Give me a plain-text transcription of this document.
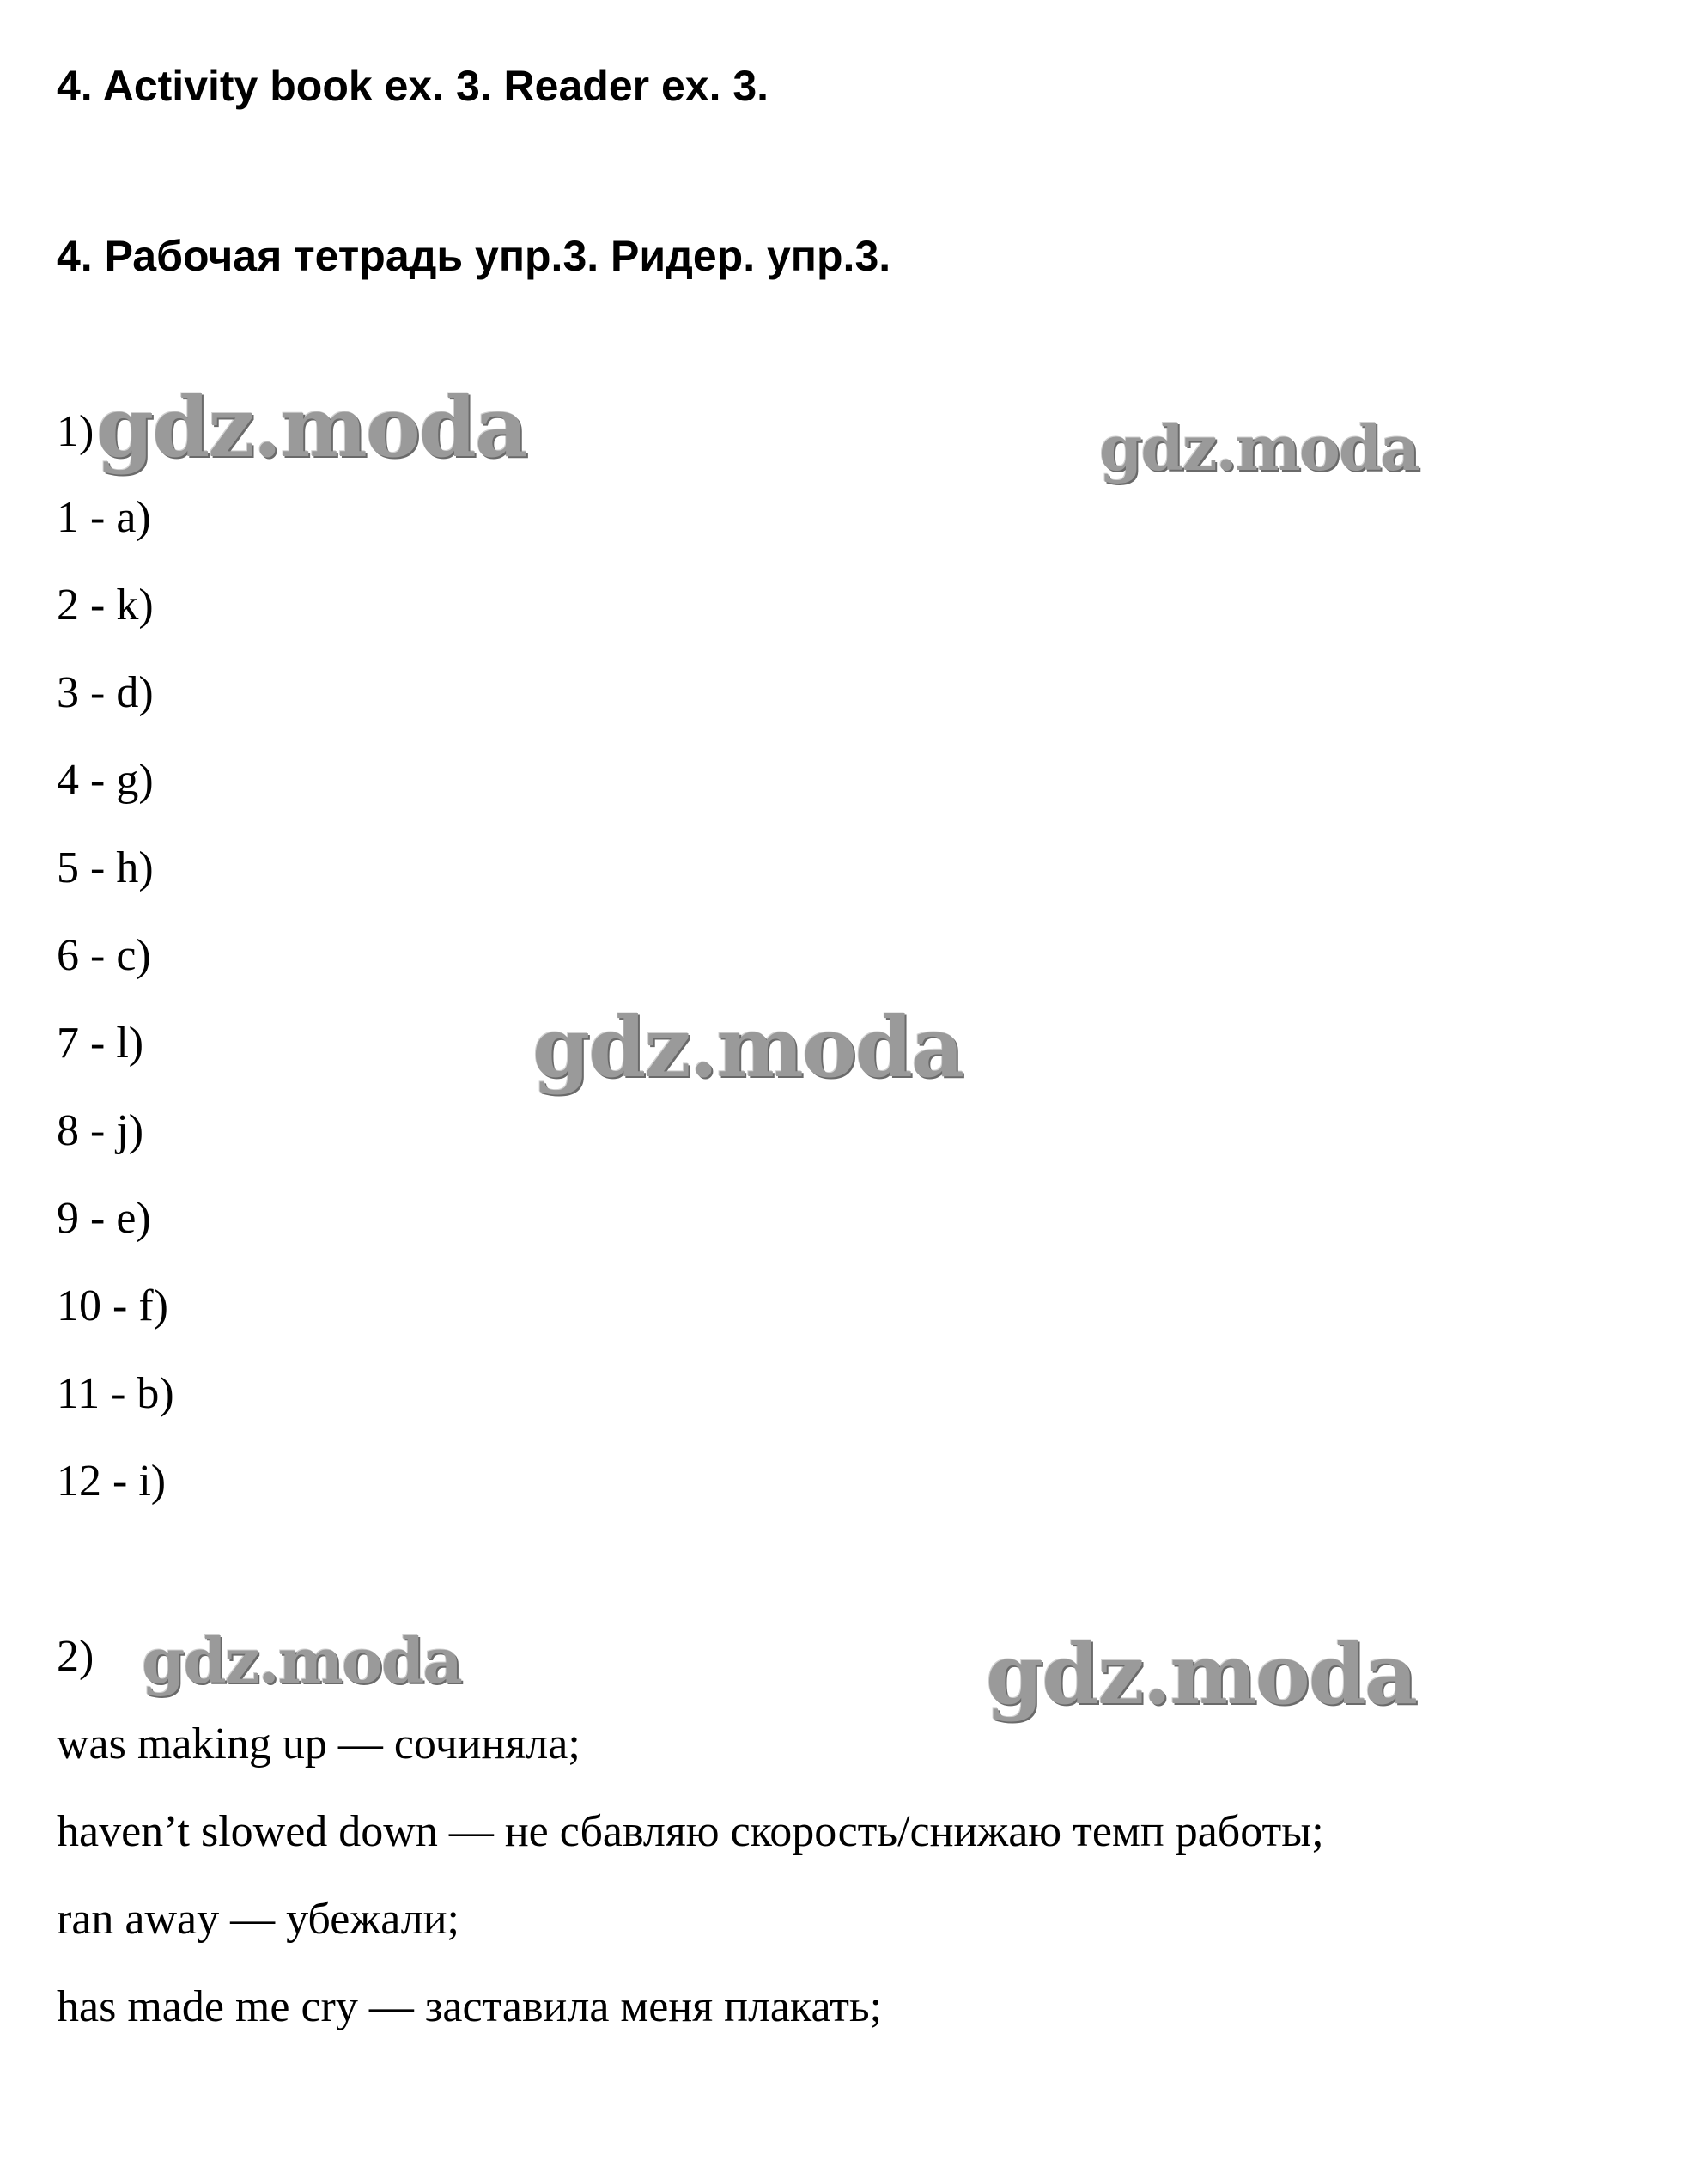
4. Activity book ex. 3. Reader ex. 3.
4. Рабочая тетрадь упр.3. Ридер. упр.3.
1)
1 - a)
2 - k)
3 - d)
4 - g)
5 - h)
6 - c)
7 - l)
8 - j)
9 - e)
10 - f)
11 - b)
12 - i)
2)
was making up — сочиняла;
haven’t slowed down — не сбавляю скорость/снижаю темп работы;
ran away — убежали;
has made me cry — заставила меня плакать;
gdz.moda	gdz.moda
gdz.moda
gdz.moda	gdz.moda
